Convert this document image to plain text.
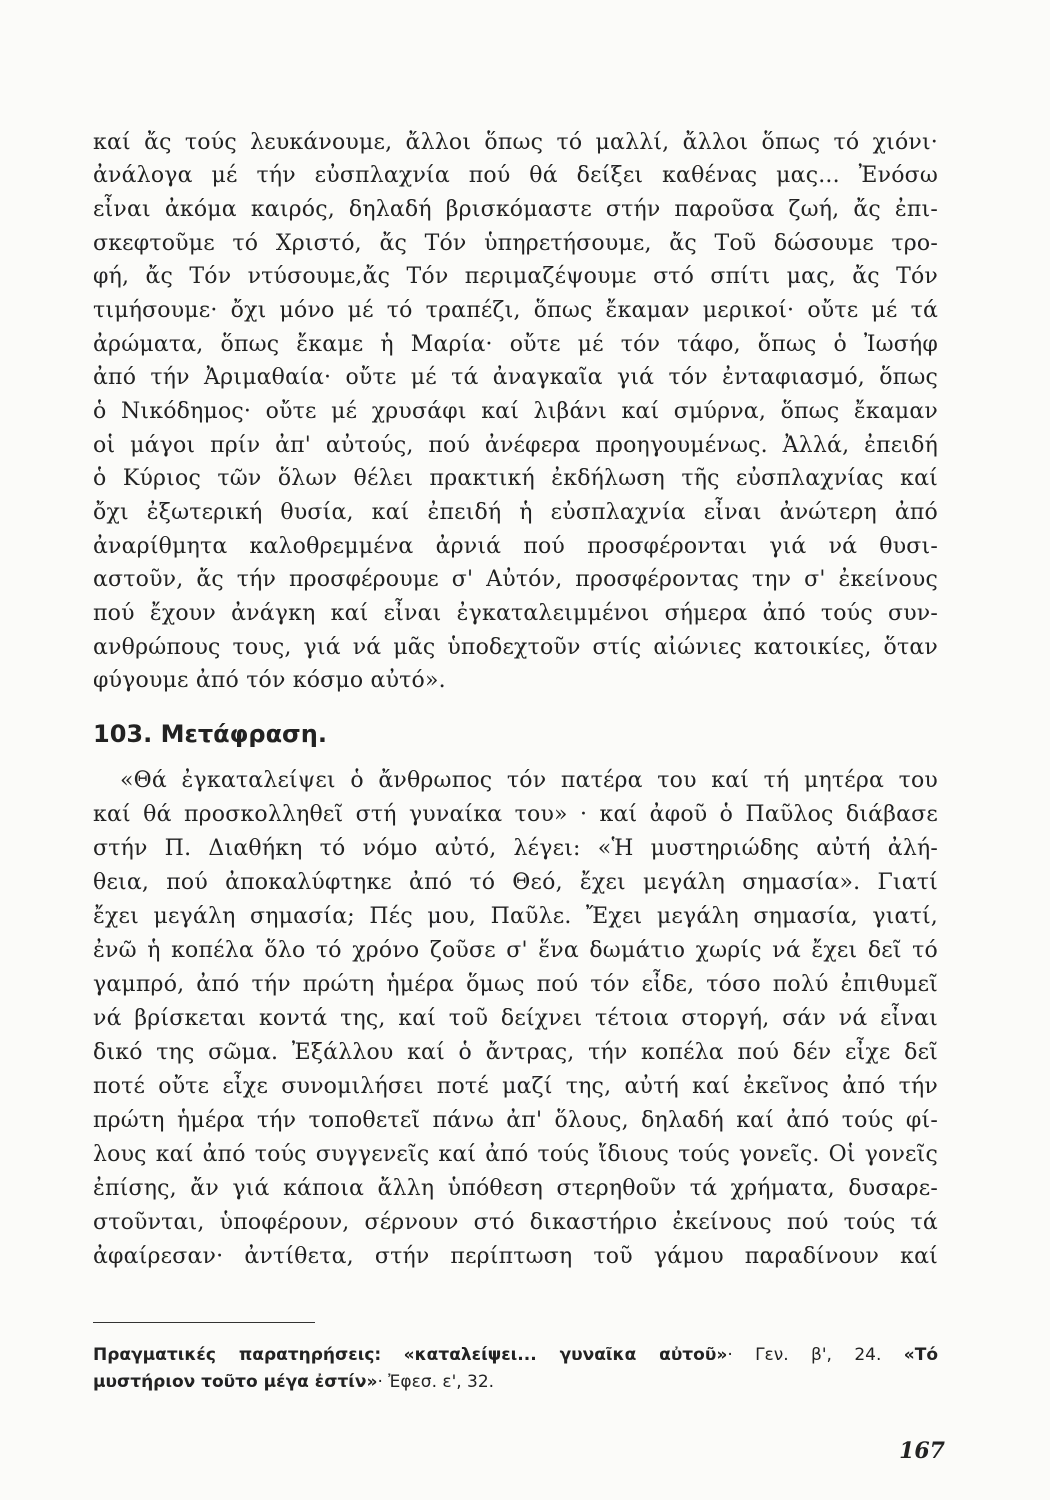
καί ἄς τούς λευκάνουμε, ἄλλοι ὅπως τό μαλλί, ἄλλοι ὅπως τό χιόνι·
ἀνάλογα μέ τήν εὐσπλαχνία πού θά δείξει καθένας μας... Ἐνόσω
εἶναι ἀκόμα καιρός, δηλαδή βρισκόμαστε στήν παροῦσα ζωή, ἄς ἐπι-
σκεφτοῦμε τό Χριστό, ἄς Τόν ὑπηρετήσουμε, ἄς Τοῦ δώσουμε τρο-
φή, ἄς Τόν ντύσουμε,ἄς Τόν περιμαζέψουμε στό σπίτι μας, ἄς Τόν
τιμήσουμε· ὄχι μόνο μέ τό τραπέζι, ὅπως ἔκαμαν μερικοί· οὔτε μέ τά
ἀρώματα, ὅπως ἔκαμε ἡ Μαρία· οὔτε μέ τόν τάφο, ὅπως ὁ Ἰωσήφ
ἀπό τήν Ἀριμαθαία· οὔτε μέ τά ἀναγκαῖα γιά τόν ἐνταφιασμό, ὅπως
ὁ Νικόδημος· οὔτε μέ χρυσάφι καί λιβάνι καί σμύρνα, ὅπως ἔκαμαν
οἱ μάγοι πρίν ἀπ' αὐτούς, πού ἀνέφερα προηγουμένως. Ἀλλά, ἐπειδή
ὁ Κύριος τῶν ὅλων θέλει πρακτική ἐκδήλωση τῆς εὐσπλαχνίας καί
ὄχι ἐξωτερική θυσία, καί ἐπειδή ἡ εὐσπλαχνία εἶναι ἀνώτερη ἀπό
ἀναρίθμητα καλοθρεμμένα ἀρνιά πού προσφέρονται γιά νά θυσι-
αστοῦν, ἄς τήν προσφέρουμε σ' Αὐτόν, προσφέροντας την σ' ἐκείνους
πού ἔχουν ἀνάγκη καί εἶναι ἐγκαταλειμμένοι σήμερα ἀπό τούς συν-
ανθρώπους τους, γιά νά μᾶς ὑποδεχτοῦν στίς αἰώνιες κατοικίες, ὅταν
φύγουμε ἀπό τόν κόσμο αὐτό».
103. Μετάφραση.
«Θά ἐγκαταλείψει ὁ ἄνθρωπος τόν πατέρα του καί τή μητέρα του
καί θά προσκολληθεῖ στή γυναίκα του» · καί ἀφοῦ ὁ Παῦλος διάβασε
στήν Π. Διαθήκη τό νόμο αὐτό, λέγει: «Ἡ μυστηριώδης αὐτή ἀλή-
θεια, πού ἀποκαλύφτηκε ἀπό τό Θεό, ἔχει μεγάλη σημασία». Γιατί
ἔχει μεγάλη σημασία; Πές μου, Παῦλε. Ἔχει μεγάλη σημασία, γιατί,
ἐνῶ ἡ κοπέλα ὅλο τό χρόνο ζοῦσε σ' ἕνα δωμάτιο χωρίς νά ἔχει δεῖ τό
γαμπρό, ἀπό τήν πρώτη ἡμέρα ὅμως πού τόν εἶδε, τόσο πολύ ἐπιθυμεῖ
νά βρίσκεται κοντά της, καί τοῦ δείχνει τέτοια στοργή, σάν νά εἶναι
δικό της σῶμα. Ἐξάλλου καί ὁ ἄντρας, τήν κοπέλα πού δέν εἶχε δεῖ
ποτέ οὔτε εἶχε συνομιλήσει ποτέ μαζί της, αὐτή καί ἐκεῖνος ἀπό τήν
πρώτη ἡμέρα τήν τοποθετεῖ πάνω ἀπ' ὅλους, δηλαδή καί ἀπό τούς φί-
λους καί ἀπό τούς συγγενεῖς καί ἀπό τούς ἴδιους τούς γονεῖς. Οἱ γονεῖς
ἐπίσης, ἄν γιά κάποια ἄλλη ὑπόθεση στερηθοῦν τά χρήματα, δυσαρε-
στοῦνται, ὑποφέρουν, σέρνουν στό δικαστήριο ἐκείνους πού τούς τά
ἀφαίρεσαν· ἀντίθετα, στήν περίπτωση τοῦ γάμου παραδίνουν καί
Πραγματικές παρατηρήσεις: «καταλείψει... γυναῖκα αὐτοῦ»· Γεν. β', 24. «Τό
μυστήριον τοῦτο μέγα ἐστίν»· Ἐφεσ. ε', 32.
167
